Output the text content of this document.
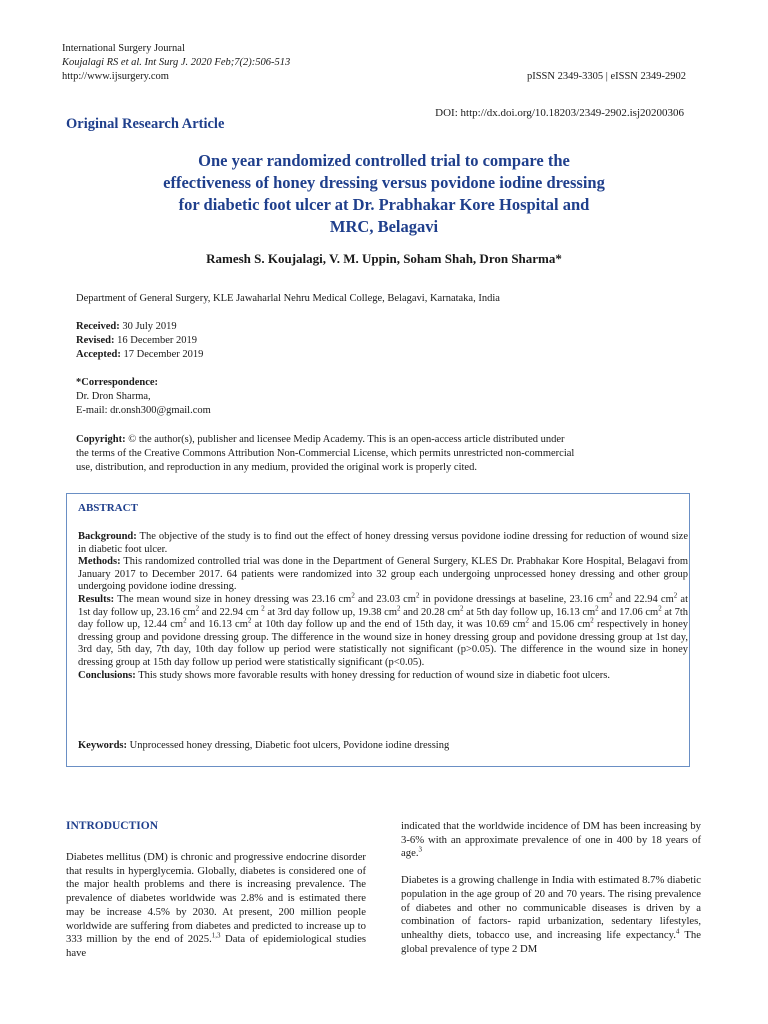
International Surgery Journal
Koujalagi RS et al. Int Surg J. 2020 Feb;7(2):506-513
http://www.ijsurgery.com	pISSN 2349-3305 | eISSN 2349-2902
DOI: http://dx.doi.org/10.18203/2349-2902.isj20200306
Original Research Article
One year randomized controlled trial to compare the
effectiveness of honey dressing versus povidone iodine dressing
for diabetic foot ulcer at Dr. Prabhakar Kore Hospital and
MRC, Belagavi
Ramesh S. Koujalagi, V. M. Uppin, Soham Shah, Dron Sharma*
Department of General Surgery, KLE Jawaharlal Nehru Medical College, Belagavi, Karnataka, India
Received: 30 July 2019
Revised: 16 December 2019
Accepted: 17 December 2019
*Correspondence:
Dr. Dron Sharma,
E-mail: dr.onsh300@gmail.com
Copyright: © the author(s), publisher and licensee Medip Academy. This is an open-access article distributed under
the terms of the Creative Commons Attribution Non-Commercial License, which permits unrestricted non-commercial
use, distribution, and reproduction in any medium, provided the original work is properly cited.
ABSTRACT
Background: The objective of the study is to find out the effect of honey dressing versus povidone iodine dressing for reduction of wound size in diabetic foot ulcer.
Methods: This randomized controlled trial was done in the Department of General Surgery, KLES Dr. Prabhakar Kore Hospital, Belagavi from January 2017 to December 2017. 64 patients were randomized into 32 group each undergoing unprocessed honey dressing and other group undergoing povidone iodine dressing.
Results: The mean wound size in honey dressing was 23.16 $cm^2$ and 23.03 $cm^2$ in povidone dressings at baseline, 23.16 $cm^2$ and 22.94 $cm^2$ at 1st day follow up, 23.16 $cm^2$ and 22.94 cm $^2$ at 3rd day follow up, 19.38 $cm^2$ and 20.28 $cm^2$ at 5th day follow up, 16.13 $cm^2$ and 17.06 $cm^2$ at 7th day follow up, 12.44 $cm^2$ and 16.13 $cm^2$ at 10th day follow up and the end of 15th day, it was 10.69 $cm^2$ and 15.06 $cm^2$ respectively in honey dressing group and povidone dressing group. The difference in the wound size in honey dressing group and povidone dressing group at 1st day, 3rd day, 5th day, 7th day, 10th day follow up period were statistically not significant (p>0.05). The difference in the wound size in honey dressing group at 15th day follow up period were statistically significant (p<0.05).
Conclusions: This study shows more favorable results with honey dressing for reduction of wound size in diabetic foot ulcers.
Keywords: Unprocessed honey dressing, Diabetic foot ulcers, Povidone iodine dressing
INTRODUCTION
Diabetes mellitus (DM) is chronic and progressive endocrine disorder that results in hyperglycemia. Globally, diabetes is considered one of the major health problems and there is increasing prevalence. The prevalence of diabetes worldwide was 2.8% and is estimated there may be increase 4.5% by 2030. At present, 200 million people worldwide are suffering from diabetes and predicted to increase up to 333 million by the end of 2025.$^{1,3}$ Data of epidemiological studies have
indicated that the worldwide incidence of DM has been increasing by 3-6% with an approximate prevalence of one in 400 by 18 years of age.$^3$
Diabetes is a growing challenge in India with estimated 8.7% diabetic population in the age group of 20 and 70 years. The rising prevalence of diabetes and other no communicable diseases is driven by a combination of factors- rapid urbanization, sedentary lifestyles, unhealthy diets, tobacco use, and increasing life expectancy.$^4$ The global prevalence of type 2 DM
